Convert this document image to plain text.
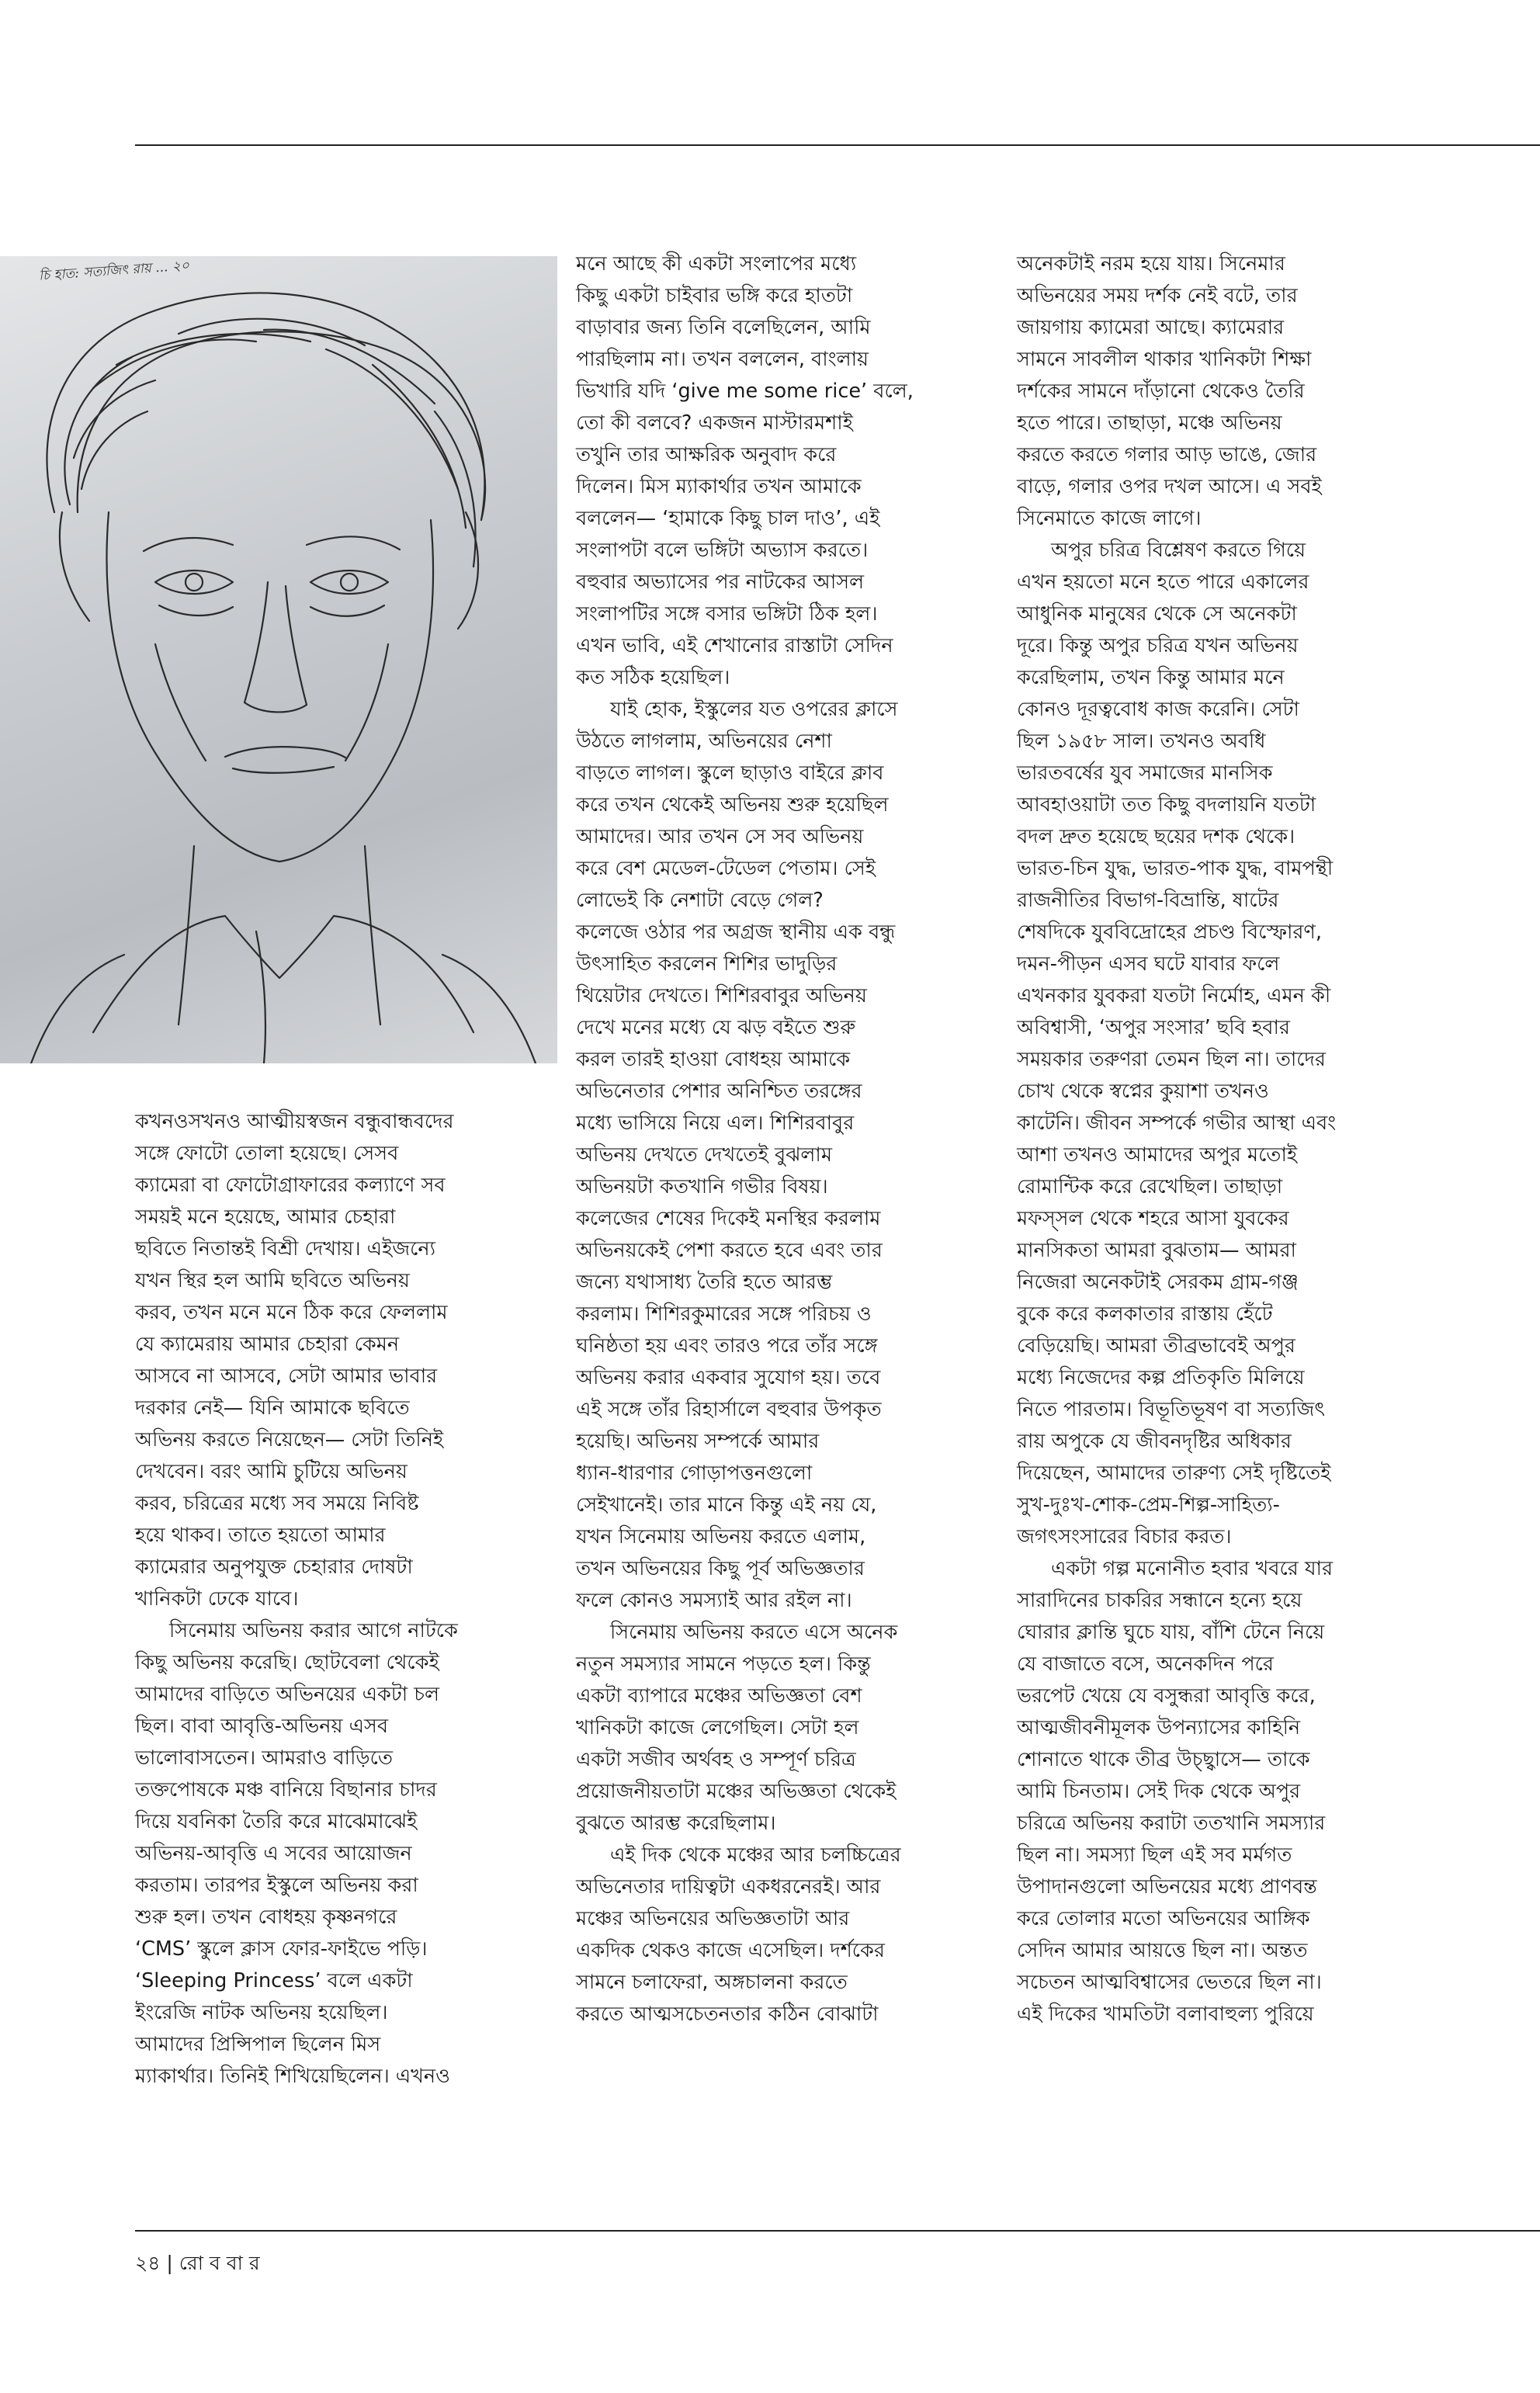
চি হাত: সত্যজিৎ রায় ... ২০

কখনওসখনও আত্মীয়স্বজন বন্ধুবান্ধবদের
সঙ্গে ফোটো তোলা হয়েছে। সেসব
ক্যামেরা বা ফোটোগ্রাফারের কল্যাণে সব
সময়ই মনে হয়েছে, আমার চেহারা
ছবিতে নিতান্তই বিশ্রী দেখায়। এইজন্যে
যখন স্থির হল আমি ছবিতে অভিনয়
করব, তখন মনে মনে ঠিক করে ফেললাম
যে ক্যামেরায় আমার চেহারা কেমন
আসবে না আসবে, সেটা আমার ভাবার
দরকার নেই— যিনি আমাকে ছবিতে
অভিনয় করতে নিয়েছেন— সেটা তিনিই
দেখবেন। বরং আমি চুটিয়ে অভিনয়
করব, চরিত্রের মধ্যে সব সময়ে নিবিষ্ট
হয়ে থাকব। তাতে হয়তো আমার
ক্যামেরার অনুপযুক্ত চেহারার দোষটা
খানিকটা ঢেকে যাবে।

সিনেমায় অভিনয় করার আগে নাটকে
কিছু অভিনয় করেছি। ছোটবেলা থেকেই
আমাদের বাড়িতে অভিনয়ের একটা চল
ছিল। বাবা আবৃত্তি-অভিনয় এসব
ভালোবাসতেন। আমরাও বাড়িতে
তক্তপোষকে মঞ্চ বানিয়ে বিছানার চাদর
দিয়ে যবনিকা তৈরি করে মাঝেমাঝেই
অভিনয়-আবৃত্তি এ সবের আয়োজন
করতাম। তারপর ইস্কুলে অভিনয় করা
শুরু হল। তখন বোধহয় কৃষ্ণনগরে
‘CMS’ স্কুলে ক্লাস ফোর-ফাইভে পড়ি।
‘Sleeping Princess’ বলে একটা
ইংরেজি নাটক অভিনয় হয়েছিল।
আমাদের প্রিন্সিপাল ছিলেন মিস
ম্যাকার্থার। তিনিই শিখিয়েছিলেন। এখনও

মনে আছে কী একটা সংলাপের মধ্যে
কিছু একটা চাইবার ভঙ্গি করে হাতটা
বাড়াবার জন্য তিনি বলেছিলেন, আমি
পারছিলাম না। তখন বললেন, বাংলায়
ভিখারি যদি ‘give me some rice’ বলে,
তো কী বলবে? একজন মাস্টারমশাই
তখুনি তার আক্ষরিক অনুবাদ করে
দিলেন। মিস ম্যাকার্থার তখন আমাকে
বললেন— ‘হামাকে কিছু চাল দাও’, এই
সংলাপটা বলে ভঙ্গিটা অভ্যাস করতে।
বহুবার অভ্যাসের পর নাটকের আসল
সংলাপটির সঙ্গে বসার ভঙ্গিটা ঠিক হল।
এখন ভাবি, এই শেখানোর রাস্তাটা সেদিন
কত সঠিক হয়েছিল।

যাই হোক, ইস্কুলের যত ওপরের ক্লাসে
উঠতে লাগলাম, অভিনয়ের নেশা
বাড়তে লাগল। স্কুলে ছাড়াও বাইরে ক্লাব
করে তখন থেকেই অভিনয় শুরু হয়েছিল
আমাদের। আর তখন সে সব অভিনয়
করে বেশ মেডেল-টেডেল পেতাম। সেই
লোভেই কি নেশাটা বেড়ে গেল?
কলেজে ওঠার পর অগ্রজ স্থানীয় এক বন্ধু
উৎসাহিত করলেন শিশির ভাদুড়ির
থিয়েটার দেখতে। শিশিরবাবুর অভিনয়
দেখে মনের মধ্যে যে ঝড় বইতে শুরু
করল তারই হাওয়া বোধহয় আমাকে
অভিনেতার পেশার অনিশ্চিত তরঙ্গের
মধ্যে ভাসিয়ে নিয়ে এল। শিশিরবাবুর
অভিনয় দেখতে দেখতেই বুঝলাম
অভিনয়টা কতখানি গভীর বিষয়।
কলেজের শেষের দিকেই মনস্থির করলাম
অভিনয়কেই পেশা করতে হবে এবং তার
জন্যে যথাসাধ্য তৈরি হতে আরম্ভ
করলাম। শিশিরকুমারের সঙ্গে পরিচয় ও
ঘনিষ্ঠতা হয় এবং তারও পরে তাঁর সঙ্গে
অভিনয় করার একবার সুযোগ হয়। তবে
এই সঙ্গে তাঁর রিহার্সালে বহুবার উপকৃত
হয়েছি। অভিনয় সম্পর্কে আমার
ধ্যান-ধারণার গোড়াপত্তনগুলো
সেইখানেই। তার মানে কিন্তু এই নয় যে,
যখন সিনেমায় অভিনয় করতে এলাম,
তখন অভিনয়ের কিছু পূর্ব অভিজ্ঞতার
ফলে কোনও সমস্যাই আর রইল না।

সিনেমায় অভিনয় করতে এসে অনেক
নতুন সমস্যার সামনে পড়তে হল। কিন্তু
একটা ব্যাপারে মঞ্চের অভিজ্ঞতা বেশ
খানিকটা কাজে লেগেছিল। সেটা হল
একটা সজীব অর্থবহ ও সম্পূর্ণ চরিত্র
প্রয়োজনীয়তাটা মঞ্চের অভিজ্ঞতা থেকেই
বুঝতে আরম্ভ করেছিলাম।

এই দিক থেকে মঞ্চের আর চলচ্চিত্রের
অভিনেতার দায়িত্বটা একধরনেরই। আর
মঞ্চের অভিনয়ের অভিজ্ঞতাটা আর
একদিক থেকও কাজে এসেছিল। দর্শকের
সামনে চলাফেরা, অঙ্গচালনা করতে
করতে আত্মসচেতনতার কঠিন বোঝাটা

অনেকটাই নরম হয়ে যায়। সিনেমার
অভিনয়ের সময় দর্শক নেই বটে, তার
জায়গায় ক্যামেরা আছে। ক্যামেরার
সামনে সাবলীল থাকার খানিকটা শিক্ষা
দর্শকের সামনে দাঁড়ানো থেকেও তৈরি
হতে পারে। তাছাড়া, মঞ্চে অভিনয়
করতে করতে গলার আড় ভাঙে, জোর
বাড়ে, গলার ওপর দখল আসে। এ সবই
সিনেমাতে কাজে লাগে।

অপুর চরিত্র বিশ্লেষণ করতে গিয়ে
এখন হয়তো মনে হতে পারে একালের
আধুনিক মানুষের থেকে সে অনেকটা
দূরে। কিন্তু অপুর চরিত্র যখন অভিনয়
করেছিলাম, তখন কিন্তু আমার মনে
কোনও দূরত্ববোধ কাজ করেনি। সেটা
ছিল ১৯৫৮ সাল। তখনও অবধি
ভারতবর্ষের যুব সমাজের মানসিক
আবহাওয়াটা তত কিছু বদলায়নি যতটা
বদল দ্রুত হয়েছে ছয়ের দশক থেকে।
ভারত-চিন যুদ্ধ, ভারত-পাক যুদ্ধ, বামপন্থী
রাজনীতির বিভাগ-বিভ্রান্তি, ষাটের
শেষদিকে যুববিদ্রোহের প্রচণ্ড বিস্ফোরণ,
দমন-পীড়ন এসব ঘটে যাবার ফলে
এখনকার যুবকরা যতটা নির্মোহ, এমন কী
অবিশ্বাসী, ‘অপুর সংসার’ ছবি হবার
সময়কার তরুণরা তেমন ছিল না। তাদের
চোখ থেকে স্বপ্নের কুয়াশা তখনও
কাটেনি। জীবন সম্পর্কে গভীর আস্থা এবং
আশা তখনও আমাদের অপুর মতোই
রোমান্টিক করে রেখেছিল। তাছাড়া
মফস্সল থেকে শহরে আসা যুবকের
মানসিকতা আমরা বুঝতাম— আমরা
নিজেরা অনেকটাই সেরকম গ্রাম-গঞ্জ
বুকে করে কলকাতার রাস্তায় হেঁটে
বেড়িয়েছি। আমরা তীব্রভাবেই অপুর
মধ্যে নিজেদের কল্প প্রতিকৃতি মিলিয়ে
নিতে পারতাম। বিভূতিভূষণ বা সত্যজিৎ
রায় অপুকে যে জীবনদৃষ্টির অধিকার
দিয়েছেন, আমাদের তারুণ্য সেই দৃষ্টিতেই
সুখ-দুঃখ-শোক-প্রেম-শিল্প-সাহিত্য-
জগৎসংসারের বিচার করত।

একটা গল্প মনোনীত হবার খবরে যার
সারাদিনের চাকরির সন্ধানে হন্যে হয়ে
ঘোরার ক্লান্তি ঘুচে যায়, বাঁশি টেনে নিয়ে
যে বাজাতে বসে, অনেকদিন পরে
ভরপেট খেয়ে যে বসুন্ধরা আবৃত্তি করে,
আত্মজীবনীমূলক উপন্যাসের কাহিনি
শোনাতে থাকে তীব্র উচ্ছ্বাসে— তাকে
আমি চিনতাম। সেই দিক থেকে অপুর
চরিত্রে অভিনয় করাটা ততখানি সমস্যার
ছিল না। সমস্যা ছিল এই সব মর্মগত
উপাদানগুলো অভিনয়ের মধ্যে প্রাণবন্ত
করে তোলার মতো অভিনয়ের আঙ্গিক
সেদিন আমার আয়ত্তে ছিল না। অন্তত
সচেতন আত্মবিশ্বাসের ভেতরে ছিল না।
এই দিকের খামতিটা বলাবাহুল্য পুরিয়ে

২৪ | রো ব বা র
